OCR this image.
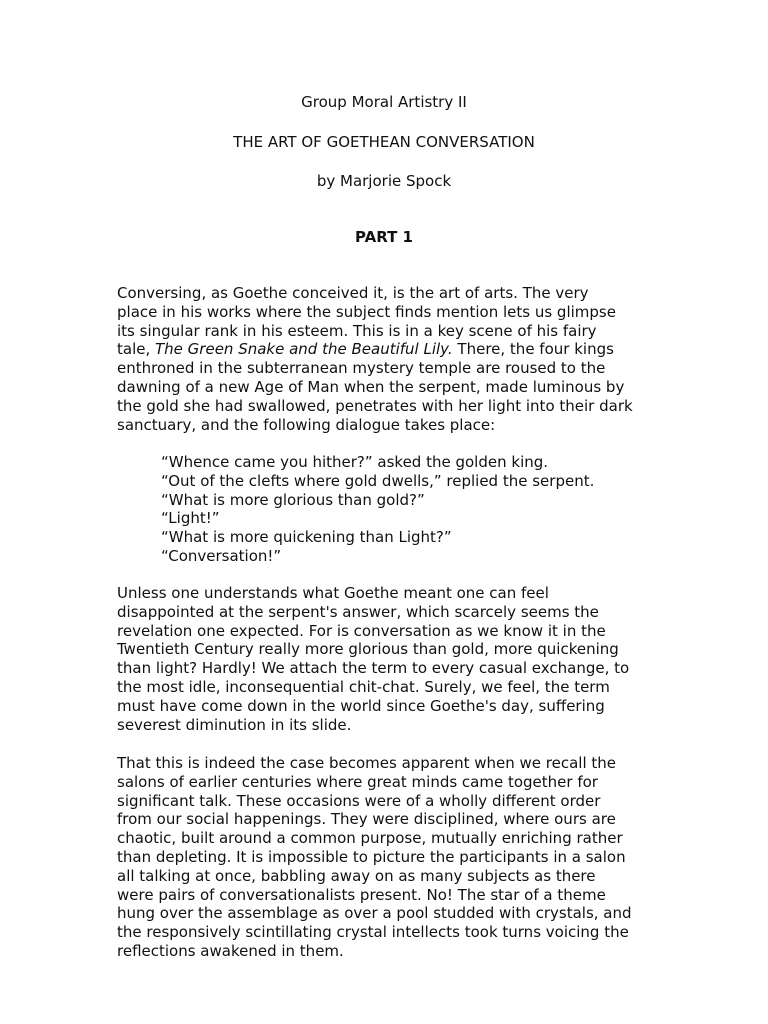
Group Moral Artistry II
THE ART OF GOETHEAN CONVERSATION
by Marjorie Spock
PART 1
Conversing, as Goethe conceived it, is the art of arts. The very
place in his works where the subject finds mention lets us glimpse
its singular rank in his esteem. This is in a key scene of his fairy
tale, The Green Snake and the Beautiful Lily. There, the four kings
enthroned in the subterranean mystery temple are roused to the
dawning of a new Age of Man when the serpent, made luminous by
the gold she had swallowed, penetrates with her light into their dark
sanctuary, and the following dialogue takes place:
“Whence came you hither?” asked the golden king.
“Out of the clefts where gold dwells,” replied the serpent.
“What is more glorious than gold?”
“Light!”
“What is more quickening than Light?”
“Conversation!”
Unless one understands what Goethe meant one can feel
disappointed at the serpent's answer, which scarcely seems the
revelation one expected. For is conversation as we know it in the
Twentieth Century really more glorious than gold, more quickening
than light? Hardly! We attach the term to every casual exchange, to
the most idle, inconsequential chit-chat. Surely, we feel, the term
must have come down in the world since Goethe's day, suffering
severest diminution in its slide.
That this is indeed the case becomes apparent when we recall the
salons of earlier centuries where great minds came together for
significant talk. These occasions were of a wholly different order
from our social happenings. They were disciplined, where ours are
chaotic, built around a common purpose, mutually enriching rather
than depleting. It is impossible to picture the participants in a salon
all talking at once, babbling away on as many subjects as there
were pairs of conversationalists present. No! The star of a theme
hung over the assemblage as over a pool studded with crystals, and
the responsively scintillating crystal intellects took turns voicing the
reflections awakened in them.
